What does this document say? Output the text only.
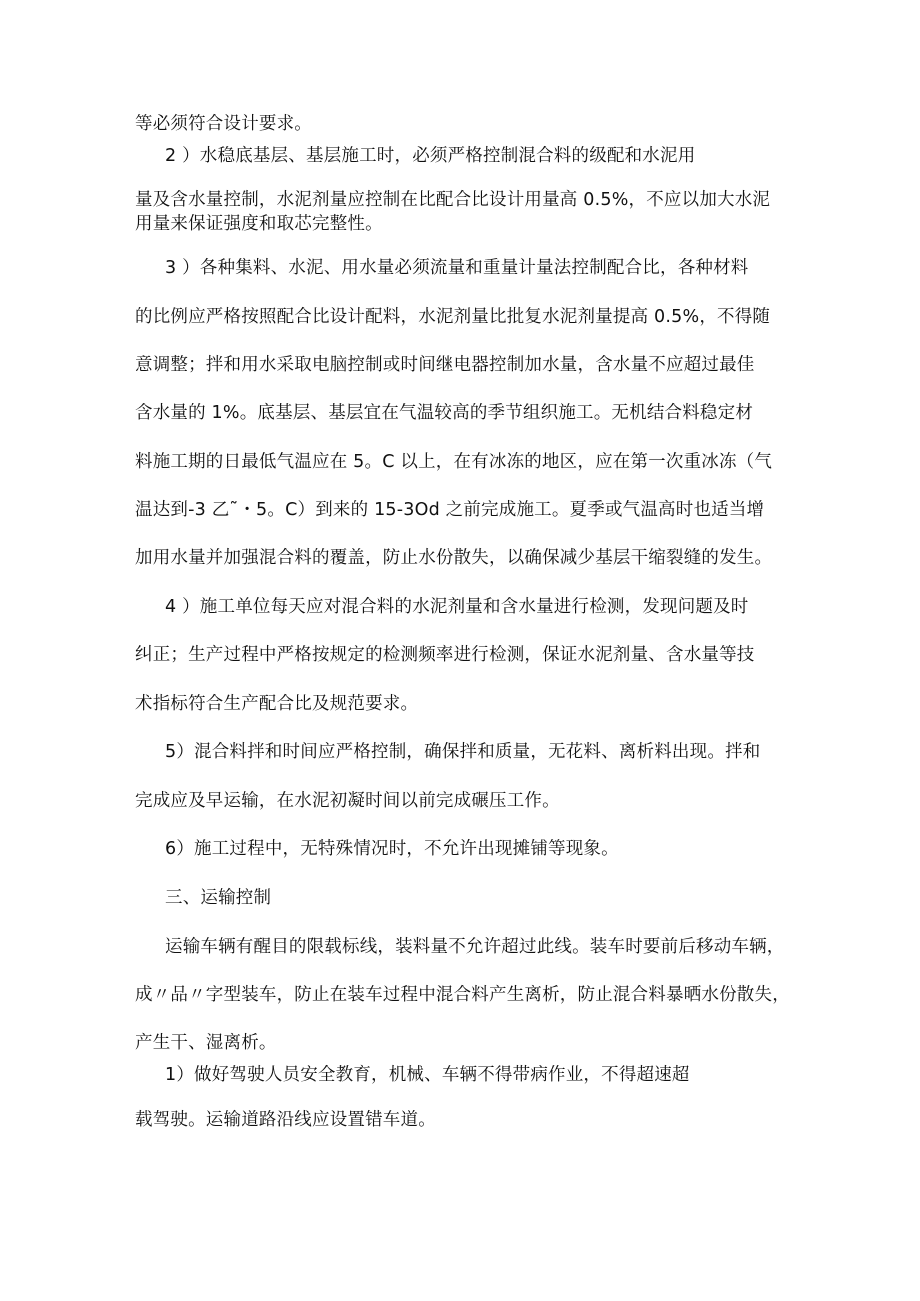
等必须符合设计要求。
2 ）水稳底基层、基层施工时，必须严格控制混合料的级配和水泥用
量及含水量控制，水泥剂量应控制在比配合比设计用量高 0.5%，不应以加大水泥
用量来保证强度和取芯完整性。
3 ）各种集料、水泥、用水量必须流量和重量计量法控制配合比，各种材料
的比例应严格按照配合比设计配料，水泥剂量比批复水泥剂量提高 0.5%，不得随
意调整；拌和用水采取电脑控制或时间继电器控制加水量，含水量不应超过最佳
含水量的 1%。底基层、基层宜在气温较高的季节组织施工。无机结合料稳定材
料施工期的日最低气温应在 5。C 以上，在有冰冻的地区，应在第一次重冰冻（气
温达到-3 乙˜・5。C）到来的 15-3Od 之前完成施工。夏季或气温高时也适当增
加用水量并加强混合料的覆盖，防止水份散失，以确保减少基层干缩裂缝的发生。
4 ）施工单位每天应对混合料的水泥剂量和含水量进行检测，发现问题及时
纠正；生产过程中严格按规定的检测频率进行检测，保证水泥剂量、含水量等技
术指标符合生产配合比及规范要求。
5）混合料拌和时间应严格控制，确保拌和质量，无花料、离析料出现。拌和
完成应及早运输，在水泥初凝时间以前完成碾压工作。
6）施工过程中，无特殊情况时，不允许出现摊铺等现象。
三、运输控制
运输车辆有醒目的限载标线，装料量不允许超过此线。装车时要前后移动车辆，
成〃品〃字型装车，防止在装车过程中混合料产生离析，防止混合料暴晒水份散失，
产生干、湿离析。
1）做好驾驶人员安全教育，机械、车辆不得带病作业，不得超速超
载驾驶。运输道路沿线应设置错车道。
